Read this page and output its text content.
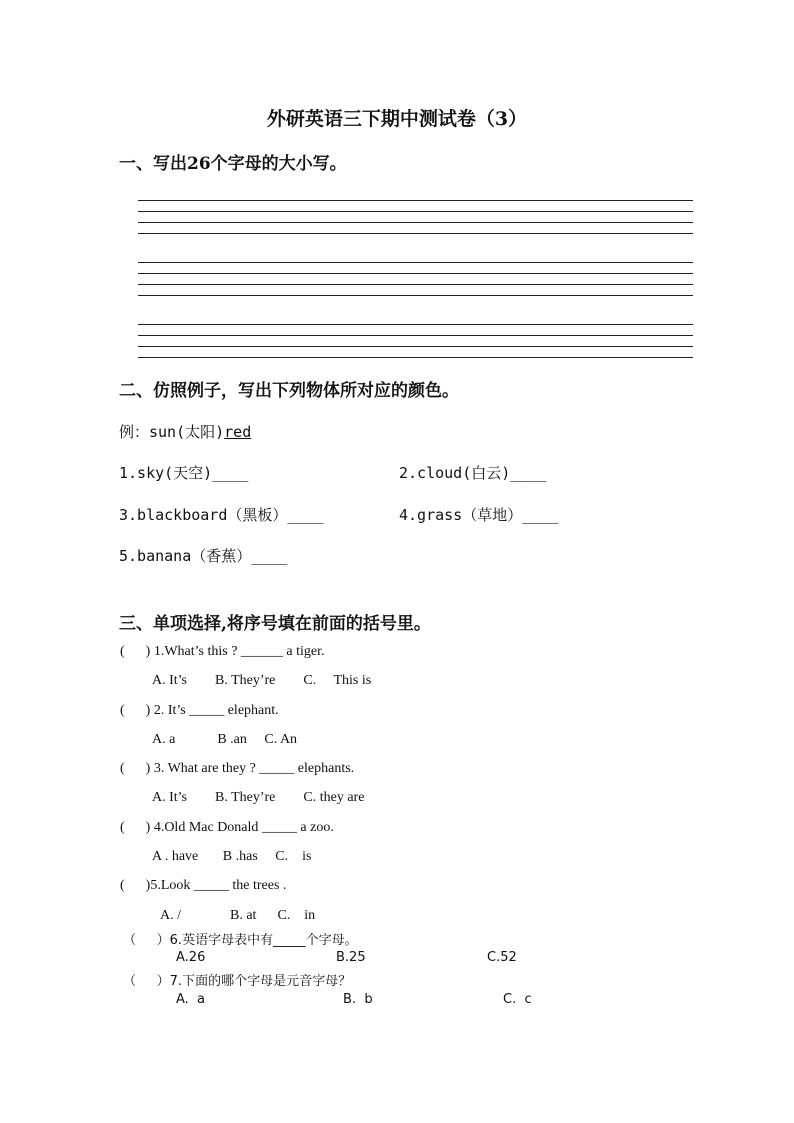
外研英语三下期中测试卷（3）
一、写出26个字母的大小写。
二、仿照例子，写出下列物体所对应的颜色。
例：sun(太阳)red
1.sky(天空)____	2.cloud(白云)____
3.blackboard（黑板）____	4.grass（草地）____
5.banana（香蕉）____
三、单项选择,将序号填在前面的括号里。
(      ) 1.What’s this ? ______ a tiger.
A. It’s        B. They’re        C.     This is
(      ) 2. It’s _____ elephant.
A. a            B .an     C. An
(      ) 3. What are they ? _____ elephants.
A. It’s        B. They’re        C. they are
(      ) 4.Old Mac Donald _____ a zoo.
A . have       B .has     C.    is
(      )5.Look _____ the trees .
A. /              B. at      C.    in
（     ）6.英语字母表中有_____个字母。
A.26	B.25	C.52
（     ）7.下面的哪个字母是元音字母？
A.  a	B.  b	C.  c
